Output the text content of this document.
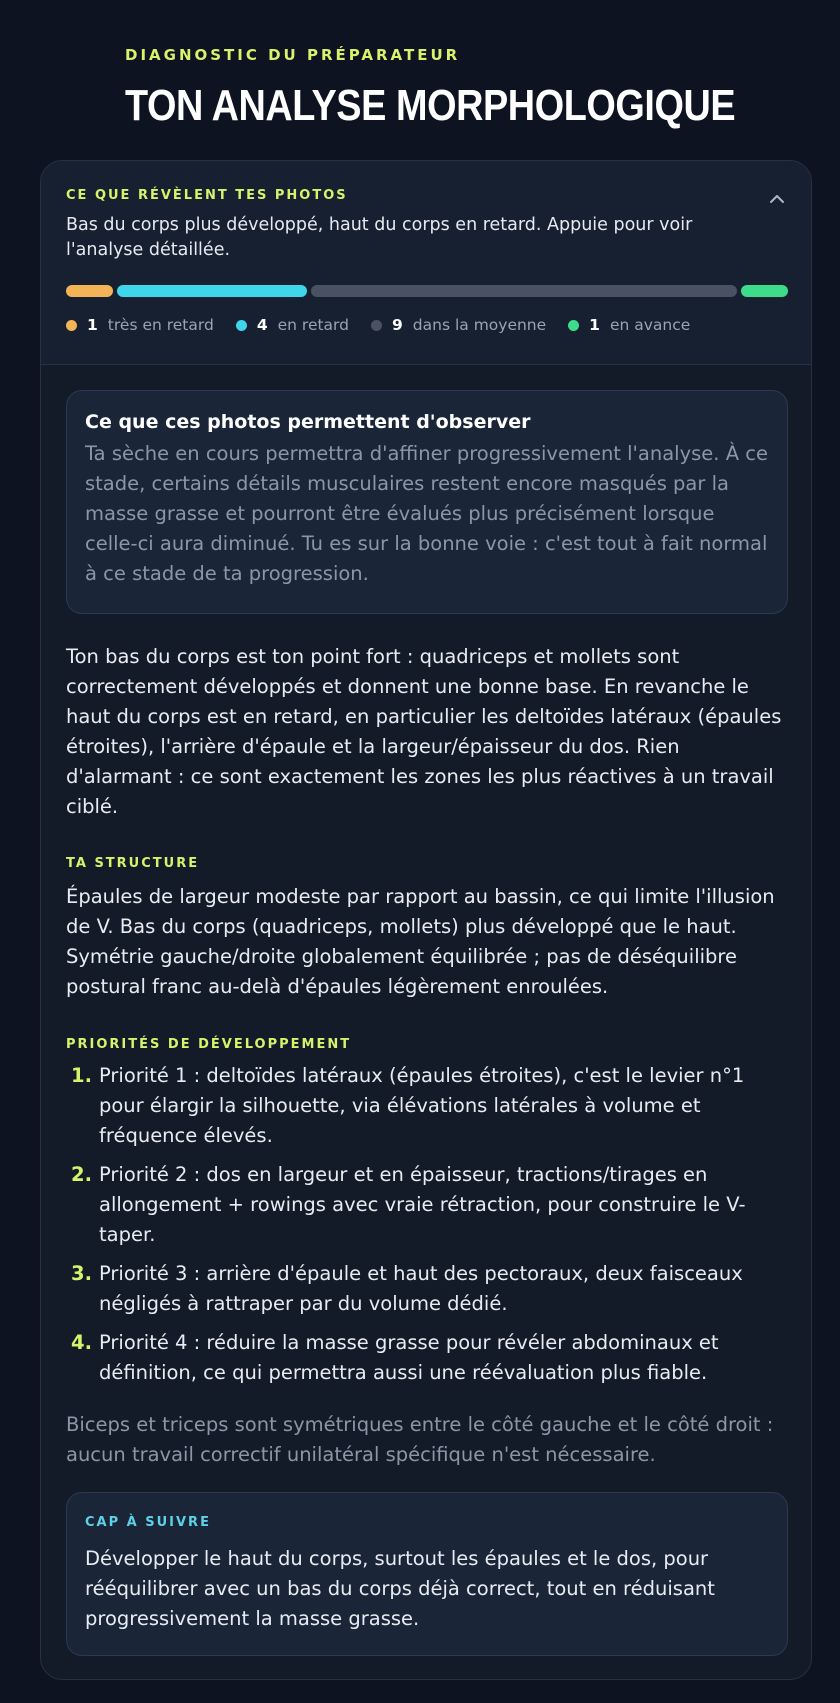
DIAGNOSTIC DU PRÉPARATEUR
TON ANALYSE MORPHOLOGIQUE
CE QUE RÉVÈLENT TES PHOTOS
Bas du corps plus développé, haut du corps en retard. Appuie pour voir l'analyse détaillée.
1 très en retard	4 en retard	9 dans la moyenne	1 en avance
Ce que ces photos permettent d'observer
Ta sèche en cours permettra d'affiner progressivement l'analyse. À ce stade, certains détails musculaires restent encore masqués par la masse grasse et pourront être évalués plus précisément lorsque celle-ci aura diminué. Tu es sur la bonne voie : c'est tout à fait normal à ce stade de ta progression.
Ton bas du corps est ton point fort : quadriceps et mollets sont correctement développés et donnent une bonne base. En revanche le haut du corps est en retard, en particulier les deltoïdes latéraux (épaules étroites), l'arrière d'épaule et la largeur/épaisseur du dos. Rien d'alarmant : ce sont exactement les zones les plus réactives à un travail ciblé.
TA STRUCTURE
Épaules de largeur modeste par rapport au bassin, ce qui limite l'illusion de V. Bas du corps (quadriceps, mollets) plus développé que le haut. Symétrie gauche/droite globalement équilibrée ; pas de déséquilibre postural franc au-delà d'épaules légèrement enroulées.
PRIORITÉS DE DÉVELOPPEMENT
1. Priorité 1 : deltoïdes latéraux (épaules étroites), c'est le levier n°1 pour élargir la silhouette, via élévations latérales à volume et fréquence élevés.
2. Priorité 2 : dos en largeur et en épaisseur, tractions/tirages en allongement + rowings avec vraie rétraction, pour construire le V-taper.
3. Priorité 3 : arrière d'épaule et haut des pectoraux, deux faisceaux négligés à rattraper par du volume dédié.
4. Priorité 4 : réduire la masse grasse pour révéler abdominaux et définition, ce qui permettra aussi une réévaluation plus fiable.
Biceps et triceps sont symétriques entre le côté gauche et le côté droit : aucun travail correctif unilatéral spécifique n'est nécessaire.
CAP À SUIVRE
Développer le haut du corps, surtout les épaules et le dos, pour rééquilibrer avec un bas du corps déjà correct, tout en réduisant progressivement la masse grasse.
